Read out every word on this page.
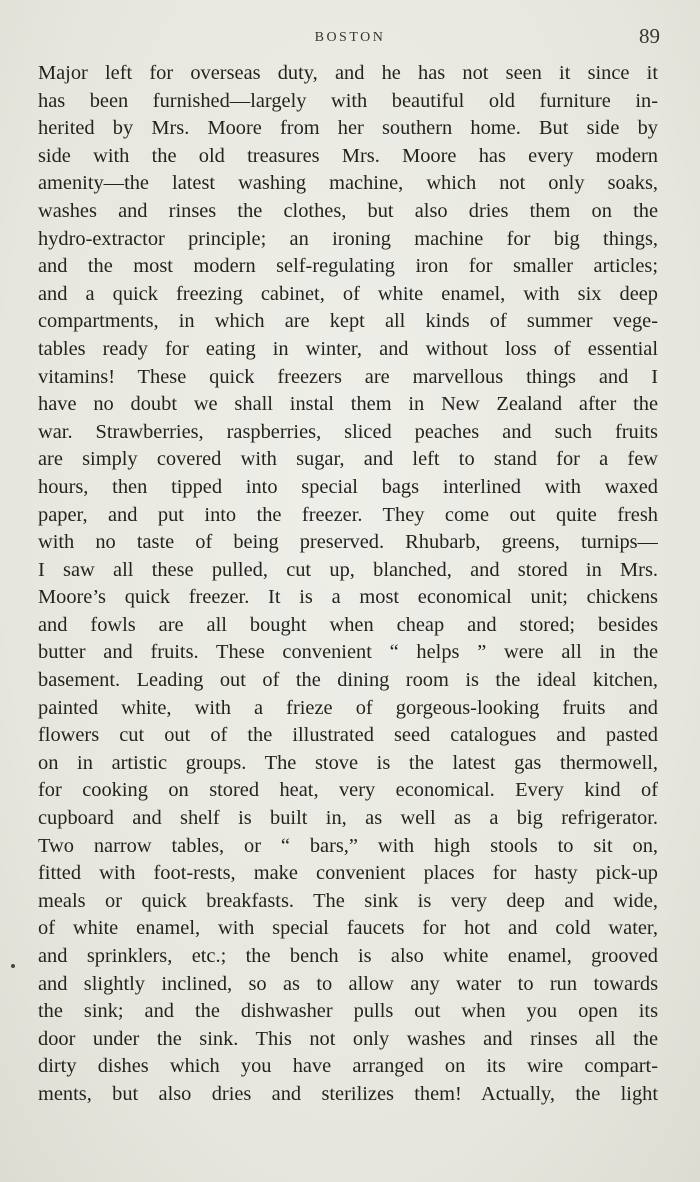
BOSTON	89
Major left for overseas duty, and he has not seen it since it
has been furnished—largely with beautiful old furniture in-
herited by Mrs. Moore from her southern home. But side by
side with the old treasures Mrs. Moore has every modern
amenity—the latest washing machine, which not only soaks,
washes and rinses the clothes, but also dries them on the
hydro-extractor principle; an ironing machine for big things,
and the most modern self-regulating iron for smaller articles;
and a quick freezing cabinet, of white enamel, with six deep
compartments, in which are kept all kinds of summer vege-
tables ready for eating in winter, and without loss of essential
vitamins! These quick freezers are marvellous things and I
have no doubt we shall instal them in New Zealand after the
war. Strawberries, raspberries, sliced peaches and such fruits
are simply covered with sugar, and left to stand for a few
hours, then tipped into special bags interlined with waxed
paper, and put into the freezer. They come out quite fresh
with no taste of being preserved. Rhubarb, greens, turnips—
I saw all these pulled, cut up, blanched, and stored in Mrs.
Moore’s quick freezer. It is a most economical unit; chickens
and fowls are all bought when cheap and stored; besides
butter and fruits. These convenient “ helps ” were all in the
basement. Leading out of the dining room is the ideal kitchen,
painted white, with a frieze of gorgeous-looking fruits and
flowers cut out of the illustrated seed catalogues and pasted
on in artistic groups. The stove is the latest gas thermowell,
for cooking on stored heat, very economical. Every kind of
cupboard and shelf is built in, as well as a big refrigerator.
Two narrow tables, or “ bars,” with high stools to sit on,
fitted with foot-rests, make convenient places for hasty pick-up
meals or quick breakfasts. The sink is very deep and wide,
of white enamel, with special faucets for hot and cold water,
and sprinklers, etc.; the bench is also white enamel, grooved
and slightly inclined, so as to allow any water to run towards
the sink; and the dishwasher pulls out when you open its
door under the sink. This not only washes and rinses all the
dirty dishes which you have arranged on its wire compart-
ments, but also dries and sterilizes them! Actually, the light
